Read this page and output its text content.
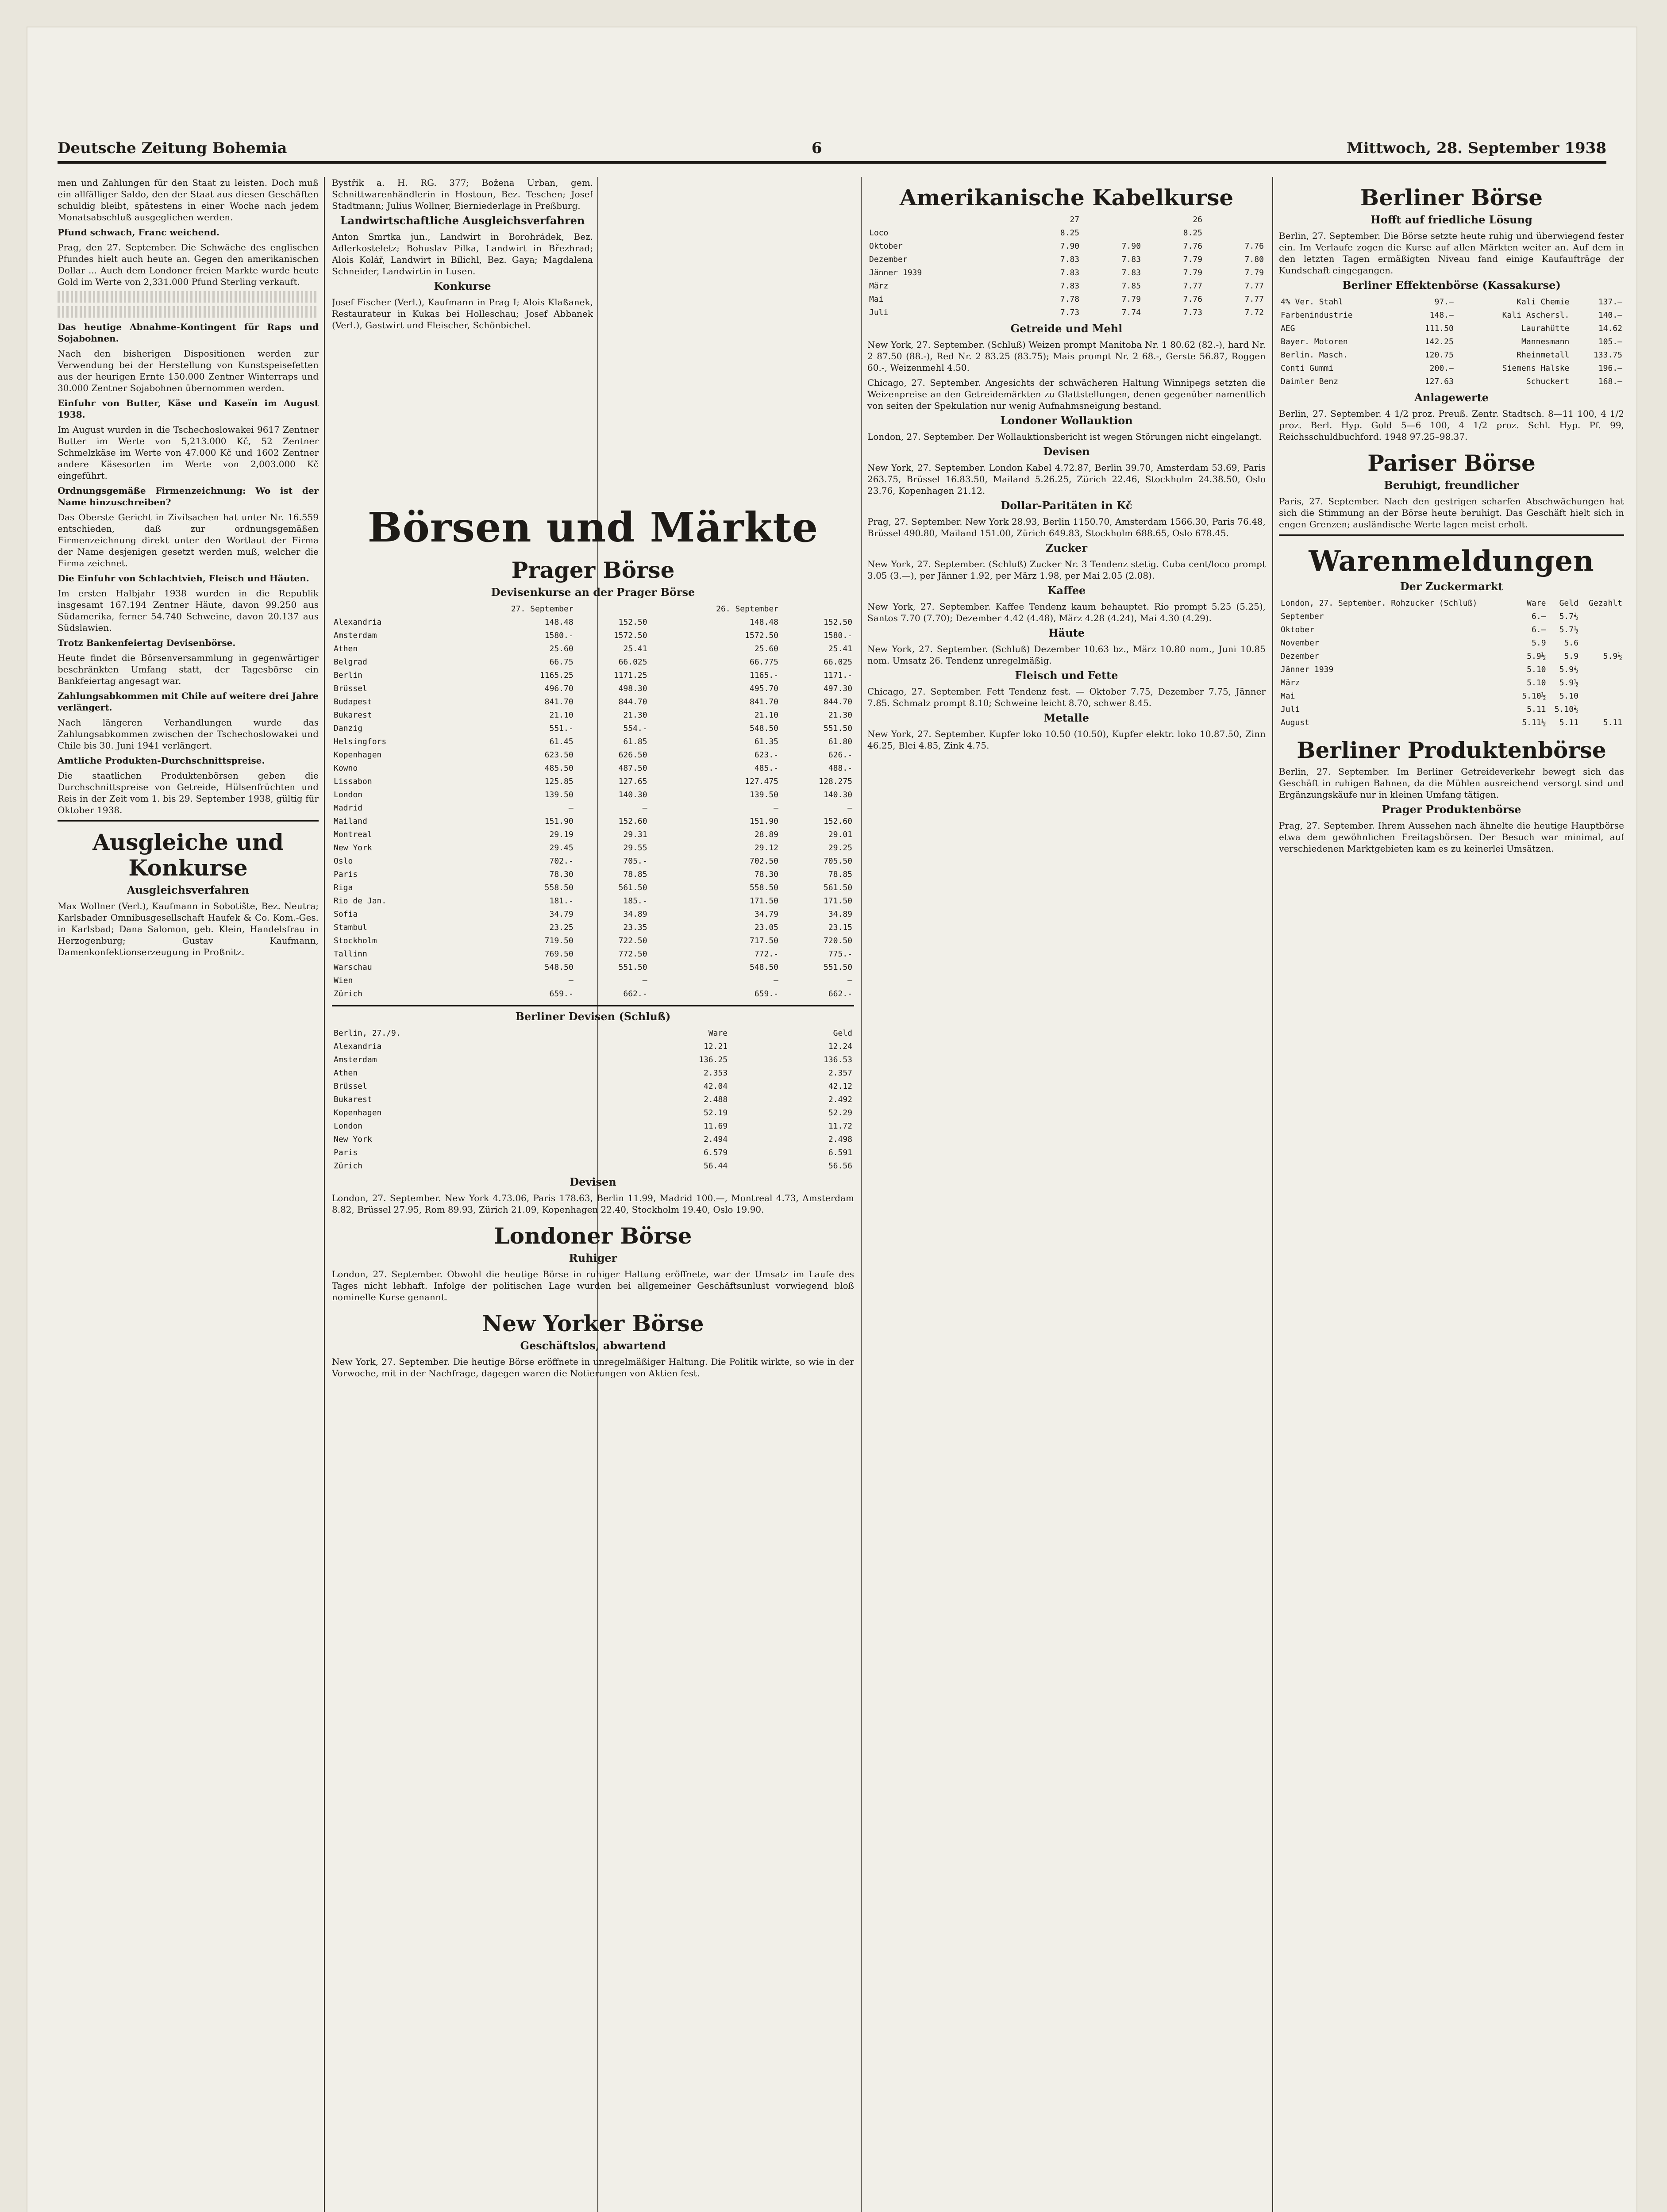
Deutsche Zeitung Bohemia	6	Mittwoch, 28. September 1938

men und Zahlungen für den Staat zu leisten. Doch muß ein allfälliger Saldo, den der Staat aus diesen Geschäften schuldig bleibt, spätestens in einer Woche nach jedem Monatsabschluß ausgeglichen werden.

Pfund schwach, Franc weichend.

Prag, den 27. September. Die Schwäche des englischen Pfundes hielt auch heute an. Gegen den amerikanischen Dollar ... Auch dem Londoner freien Markte wurde heute Gold im Werte von 2,331.000 Pfund Sterling verkauft.

Das heutige Abnahme-Kontingent für Raps und Sojabohnen.

Nach den bisherigen Dispositionen werden zur Verwendung bei der Herstellung von Kunstspeisefetten aus der heurigen Ernte 150.000 Zentner Winterraps und 30.000 Zentner Sojabohnen übernommen werden.

Einfuhr von Butter, Käse und Kaseïn im August 1938.

Im August wurden in die Tschechoslowakei 9617 Zentner Butter im Werte von 5,213.000 Kč, 52 Zentner Schmelzkäse im Werte von 47.000 Kč und 1602 Zentner andere Käsesorten im Werte von 2,003.000 Kč eingeführt.

Ordnungsgemäße Firmenzeichnung: Wo ist der Name hinzuschreiben?

Das Oberste Gericht in Zivilsachen hat unter Nr. 16.559 entschieden, daß zur ordnungsgemäßen Firmenzeichnung direkt unter den Wortlaut der Firma der Name desjenigen gesetzt werden muß, welcher die Firma zeichnet.

Die Einfuhr von Schlachtvieh, Fleisch und Häuten.

Im ersten Halbjahr 1938 wurden in die Republik insgesamt 167.194 Zentner Häute, davon 99.250 aus Südamerika, ferner 54.740 Schweine, davon 20.137 aus Südslawien.

Trotz Bankenfeiertag Devisenbörse.

Heute findet die Börsenversammlung in gegenwärtiger beschränkten Umfang statt, der Tagesbörse ein Bankfeiertag angesagt war.

Zahlungsabkommen mit Chile auf weitere drei Jahre verlängert.

Nach längeren Verhandlungen wurde das Zahlungsabkommen zwischen der Tschechoslowakei und Chile bis 30. Juni 1941 verlängert.

Amtliche Produkten-Durchschnittspreise.

Die staatlichen Produktenbörsen geben die Durchschnittspreise von Getreide, Hülsenfrüchten und Reis in der Zeit vom 1. bis 29. September 1938, gültig für Oktober 1938.

Ausgleiche und Konkurse
Ausgleichsverfahren

Max Wollner (Verl.), Kaufmann in Sobotište, Bez. Neutra; Karlsbader Omnibusgesellschaft Haufek & Co. Kom.-Ges. in Karlsbad; Dana Salomon, geb. Klein, Handelsfrau in Herzogenburg; Gustav Kaufmann, Damenkonfektionserzeugung in Proßnitz.

Bystřik a. H. RG. 377; Božena Urban, gem. Schnittwarenhändlerin in Hostoun, Bez. Teschen; Josef Stadtmann; Julius Wollner, Bierniederlage in Preßburg.

Landwirtschaftliche Ausgleichsverfahren

Anton Smrtka jun., Landwirt in Borohrádek, Bez. Adlerkosteletz; Bohuslav Pilka, Landwirt in Březhrad; Alois Kolář, Landwirt in Bílichl, Bez. Gaya; Magdalena Schneider, Landwirtin in Lusen.

Konkurse

Josef Fischer (Verl.), Kaufmann in Prag I; Alois Klaßanek, Restaurateur in Kukas bei Holleschau; Josef Abbanek (Verl.), Gastwirt und Fleischer, Schönbichel.

Börsen und Märkte
Prager Börse
Devisenkurse an der Prager Börse
	27. September		26. September	
Alexandria	148.48	152.50	148.48	152.50
Amsterdam	1580.-	1572.50	1572.50	1580.-
Athen	25.60	25.41	25.60	25.41
Belgrad	66.75	66.025	66.775	66.025
Berlin	1165.25	1171.25	1165.-	1171.-
Brüssel	496.70	498.30	495.70	497.30
Budapest	841.70	844.70	841.70	844.70
Bukarest	21.10	21.30	21.10	21.30
Danzig	551.-	554.-	548.50	551.50
Helsingfors	61.45	61.85	61.35	61.80
Kopenhagen	623.50	626.50	623.-	626.-
Kowno	485.50	487.50	485.-	488.-
Lissabon	125.85	127.65	127.475	128.275
London	139.50	140.30	139.50	140.30
Madrid	—	—	—	—
Mailand	151.90	152.60	151.90	152.60
Montreal	29.19	29.31	28.89	29.01
New York	29.45	29.55	29.12	29.25
Oslo	702.-	705.-	702.50	705.50
Paris	78.30	78.85	78.30	78.85
Riga	558.50	561.50	558.50	561.50
Rio de Jan.	181.-	185.-	171.50	171.50
Sofia	34.79	34.89	34.79	34.89
Stambul	23.25	23.35	23.05	23.15
Stockholm	719.50	722.50	717.50	720.50
Tallinn	769.50	772.50	772.-	775.-
Warschau	548.50	551.50	548.50	551.50
Wien	—	—	—	—
Zürich	659.-	662.-	659.-	662.-
Berliner Devisen (Schluß)
Berlin, 27./9.	Ware	Geld
Alexandria	12.21	12.24
Amsterdam	136.25	136.53
Athen	2.353	2.357
Brüssel	42.04	42.12
Bukarest	2.488	2.492
Kopenhagen	52.19	52.29
London	11.69	11.72
New York	2.494	2.498
Paris	6.579	6.591
Zürich	56.44	56.56
Devisen

London, 27. September. New York 4.73.06, Paris 178.63, Berlin 11.99, Madrid 100.—, Montreal 4.73, Amsterdam 8.82, Brüssel 27.95, Rom 89.93, Zürich 21.09, Kopenhagen 22.40, Stockholm 19.40, Oslo 19.90.

Londoner Börse
Ruhiger

London, 27. September. Obwohl die heutige Börse in ruhiger Haltung eröffnete, war der Umsatz im Laufe des Tages nicht lebhaft. Infolge der politischen Lage wurden bei allgemeiner Geschäftsunlust vorwiegend bloß nominelle Kurse genannt.

New Yorker Börse
Geschäftslos, abwartend

New York, 27. September. Die heutige Börse eröffnete in unregelmäßiger Haltung. Die Politik wirkte, so wie in der Vorwoche, mit in der Nachfrage, dagegen waren die Notierungen von Aktien fest.

Amerikanische Kabelkurse
	27		26	
Loco	8.25		8.25	
Oktober	7.90	7.90	7.76	7.76
Dezember	7.83	7.83	7.79	7.80
Jänner 1939	7.83	7.83	7.79	7.79
März	7.83	7.85	7.77	7.77
Mai	7.78	7.79	7.76	7.77
Juli	7.73	7.74	7.73	7.72
Getreide und Mehl

New York, 27. September. (Schluß) Weizen prompt Manitoba Nr. 1 80.62 (82.-), hard Nr. 2 87.50 (88.-), Red Nr. 2 83.25 (83.75); Mais prompt Nr. 2 68.-, Gerste 56.87, Roggen 60.-, Weizenmehl 4.50.

Chicago, 27. September. Angesichts der schwächeren Haltung Winnipegs setzten die Weizenpreise an den Getreidemärkten zu Glattstellungen, denen gegenüber namentlich von seiten der Spekulation nur wenig Aufnahmsneigung bestand.

Londoner Wollauktion

London, 27. September. Der Wollauktionsbericht ist wegen Störungen nicht eingelangt.

Devisen

New York, 27. September. London Kabel 4.72.87, Berlin 39.70, Amsterdam 53.69, Paris 263.75, Brüssel 16.83.50, Mailand 5.26.25, Zürich 22.46, Stockholm 24.38.50, Oslo 23.76, Kopenhagen 21.12.

Dollar-Paritäten in Kč

Prag, 27. September. New York 28.93, Berlin 1150.70, Amsterdam 1566.30, Paris 76.48, Brüssel 490.80, Mailand 151.00, Zürich 649.83, Stockholm 688.65, Oslo 678.45.

Zucker

New York, 27. September. (Schluß) Zucker Nr. 3 Tendenz stetig. Cuba cent/loco prompt 3.05 (3.—), per Jänner 1.92, per März 1.98, per Mai 2.05 (2.08).

Kaffee

New York, 27. September. Kaffee Tendenz kaum behauptet. Rio prompt 5.25 (5.25), Santos 7.70 (7.70); Dezember 4.42 (4.48), März 4.28 (4.24), Mai 4.30 (4.29).

Häute

New York, 27. September. (Schluß) Dezember 10.63 bz., März 10.80 nom., Juni 10.85 nom. Umsatz 26. Tendenz unregelmäßig.

Fleisch und Fette

Chicago, 27. September. Fett Tendenz fest. — Oktober 7.75, Dezember 7.75, Jänner 7.85. Schmalz prompt 8.10; Schweine leicht 8.70, schwer 8.45.

Metalle

New York, 27. September. Kupfer loko 10.50 (10.50), Kupfer elektr. loko 10.87.50, Zinn 46.25, Blei 4.85, Zink 4.75.

Berliner Börse
Hofft auf friedliche Lösung

Berlin, 27. September. Die Börse setzte heute ruhig und überwiegend fester ein. Im Verlaufe zogen die Kurse auf allen Märkten weiter an. Auf dem in den letzten Tagen ermäßigten Niveau fand einige Kaufaufträge der Kundschaft eingegangen.

Berliner Effektenbörse (Kassakurse)
4% Ver. Stahl	97.—	Kali Chemie	137.—
Farbenindustrie	148.—	Kali Aschersl.	140.—
AEG	111.50	Laurahütte	14.62
Bayer. Motoren	142.25	Mannesmann	105.—
Berlin. Masch.	120.75	Rheinmetall	133.75
Conti Gummi	200.—	Siemens Halske	196.—
Daimler Benz	127.63	Schuckert	168.—
Anlagewerte

Berlin, 27. September. 4 1/2 proz. Preuß. Zentr. Stadtsch. 8—11 100, 4 1/2 proz. Berl. Hyp. Gold 5—6 100, 4 1/2 proz. Schl. Hyp. Pf. 99, Reichsschuldbuchford. 1948 97.25–98.37.

Pariser Börse
Beruhigt, freundlicher

Paris, 27. September. Nach den gestrigen scharfen Abschwächungen hat sich die Stimmung an der Börse heute beruhigt. Das Geschäft hielt sich in engen Grenzen; ausländische Werte lagen meist erholt.

Warenmeldungen
Der Zuckermarkt
London, 27. September. Rohzucker (Schluß)	Ware	Geld	Gezahlt
September	6.—	5.7½	
Oktober	6.—	5.7½	
November	5.9	5.6	
Dezember	5.9½	5.9	5.9½
Jänner 1939	5.10	5.9½	
März	5.10	5.9½	
Mai	5.10½	5.10	
Juli	5.11	5.10½	
August	5.11½	5.11	5.11
Berliner Produktenbörse

Berlin, 27. September. Im Berliner Getreideverkehr bewegt sich das Geschäft in ruhigen Bahnen, da die Mühlen ausreichend versorgt sind und Ergänzungskäufe nur in kleinen Umfang tätigen.

Prager Produktenbörse

Prag, 27. September. Ihrem Aussehen nach ähnelte die heutige Hauptbörse etwa dem gewöhnlichen Freitagsbörsen. Der Besuch war minimal, auf verschiedenen Marktgebieten kam es zu keinerlei Umsätzen.
